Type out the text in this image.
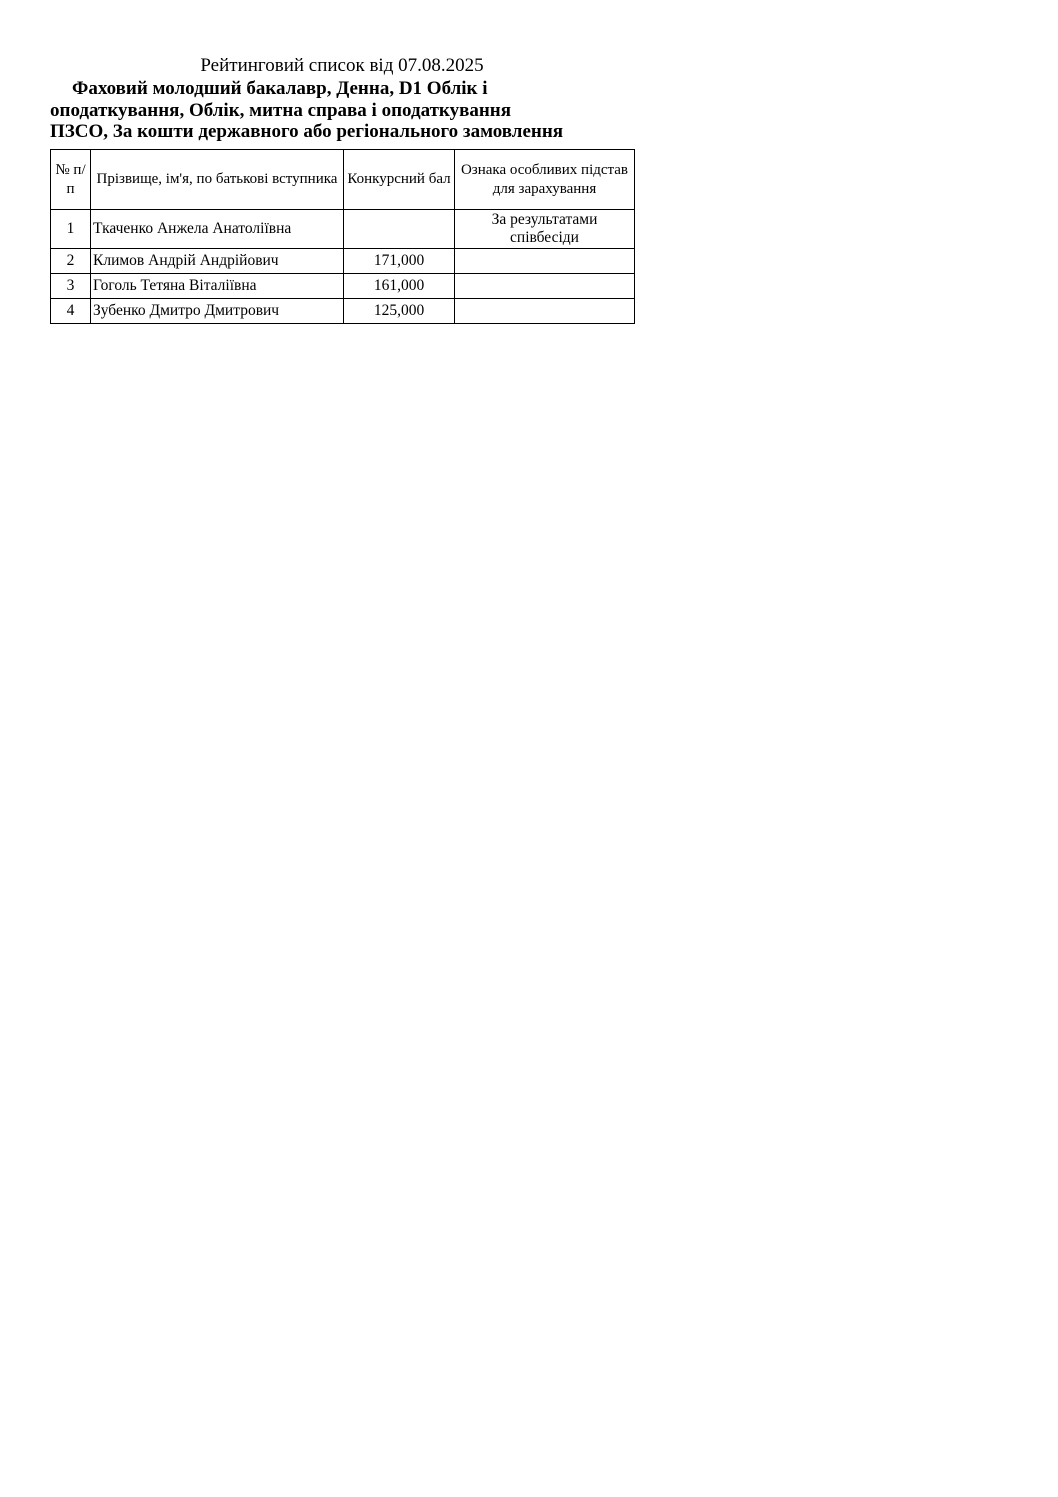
Рейтинговий список від 07.08.2025
Фаховий молодший бакалавр, Денна, D1 Облік і
оподаткування, Облік, митна справа і оподаткування
ПЗСО, За кошти державного або регіонального замовлення
№ п/п	Прізвище, ім'я, по батькові вступника	Конкурсний бал	Ознака особливих підстав для зарахування
1	Ткаченко Анжела Анатоліївна		За результатами співбесіди
2	Климов Андрій Андрійович	171,000	
3	Гоголь Тетяна Віталіївна	161,000	
4	Зубенко Дмитро Дмитрович	125,000	
